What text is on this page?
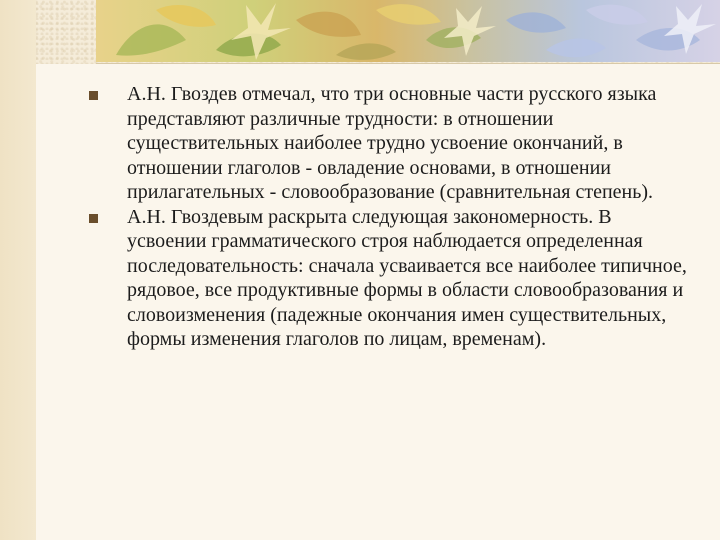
А.Н. Гвоздев отмечал, что три основные части русского языка представляют различные трудности: в отношении существительных наиболее трудно усвоение окончаний, в отношении глаголов - овладение основами, в отношении прилагательных - словообразование (сравнительная степень).
А.Н. Гвоздевым раскрыта следующая закономерность. В усвоении грамматического строя наблюдается определенная последовательность: сначала усваивается все наиболее типичное, рядовое, все продуктивные формы в области словообразования и словоизменения (падежные окончания имен существительных, формы изменения глаголов по лицам, временам).
